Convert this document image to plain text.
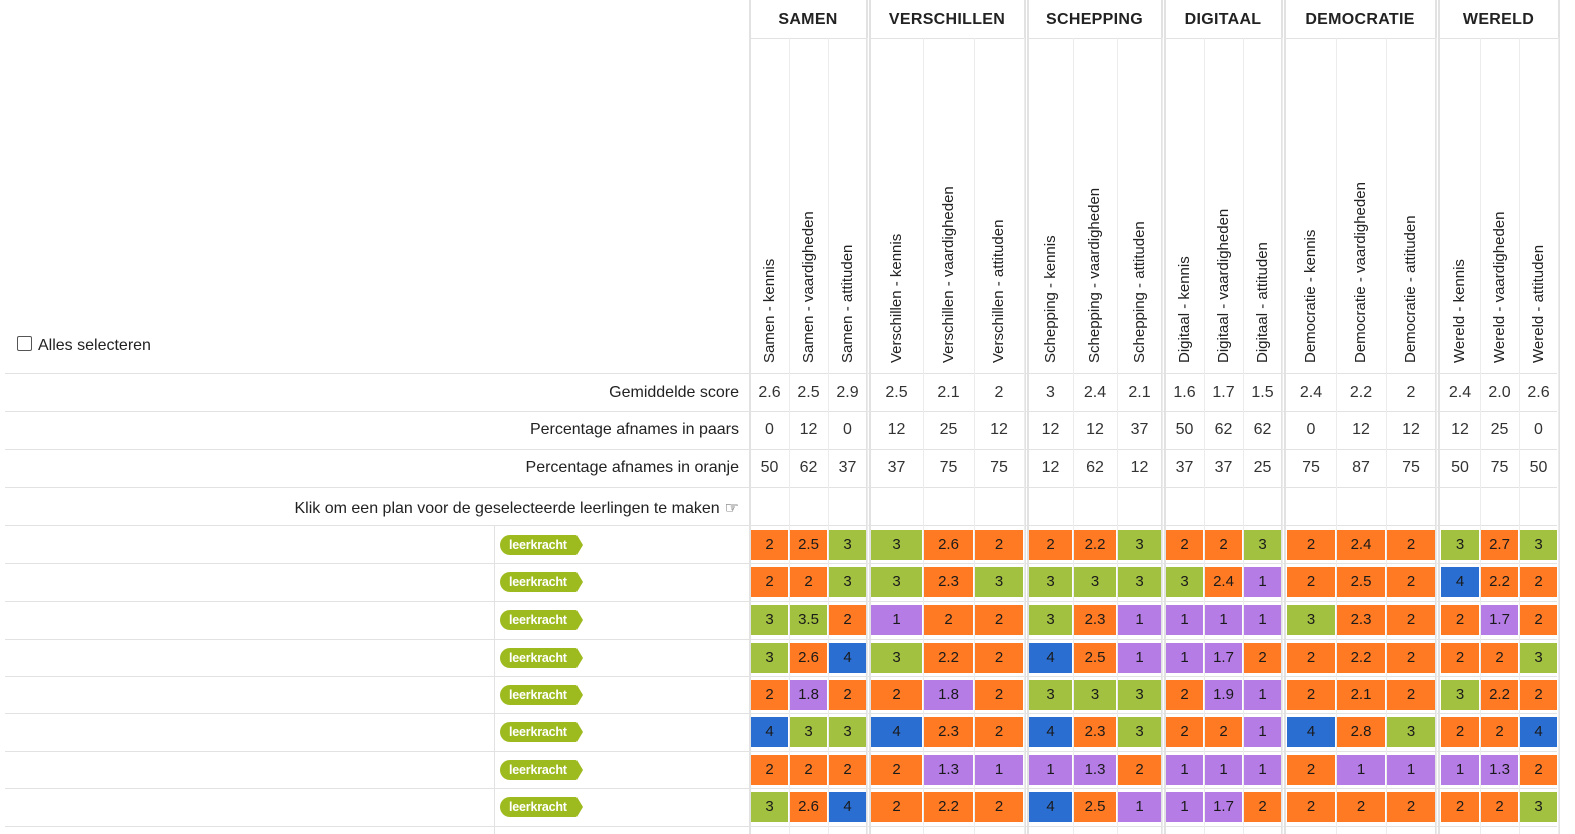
SAMEN	VERSCHILLEN	SCHEPPING	DIGITAAL	DEMOCRATIE	WERELD
Samen - kennis Samen - vaardigheden Samen - attituden Verschillen - kennis Verschillen - vaardigheden Verschillen - attituden Schepping - kennis Schepping - vaardigheden Schepping - attituden Digitaal - kennis Digitaal - vaardigheden Digitaal - attituden Democratie - kennis Democratie - vaardigheden Democratie - attituden Wereld - kennis Wereld - vaardigheden Wereld - attituden
Gemiddelde score	2.6	2.5	2.9	2.5	2.1	2	3	2.4	2.1	1.6	1.7	1.5	2.4	2.2	2	2.4	2.0	2.6
Percentage afnames in paars	0	12	0	12	25	12	12	12	37	50	62	62	0	12	12	12	25	0
Percentage afnames in oranje	50	62	37	37	75	75	12	62	12	37	37	25	75	87	75	50	75	50
leerkracht	2	2.5	3	3	2.6	2	2	2.2	3	2	2	3	2	2.4	2	3	2.7	3
leerkracht	2	2	3	3	2.3	3	3	3	3	3	2.4	1	2	2.5	2	4	2.2	2
leerkracht	3	3.5	2	1	2	2	3	2.3	1	1	1	1	3	2.3	2	2	1.7	2
leerkracht	3	2.6	4	3	2.2	2	4	2.5	1	1	1.7	2	2	2.2	2	2	2	3
leerkracht	2	1.8	2	2	1.8	2	3	3	3	2	1.9	1	2	2.1	2	3	2.2	2
leerkracht	4	3	3	4	2.3	2	4	2.3	3	2	2	1	4	2.8	3	2	2	4
leerkracht	2	2	2	2	1.3	1	1	1.3	2	1	1	1	2	1	1	1	1.3	2
leerkracht	3	2.6	4	2	2.2	2	4	2.5	1	1	1.7	2	2	2	2	2	2	3
Alles selecteren
Klik om een plan voor de geselecteerde leerlingen te maken ☞
